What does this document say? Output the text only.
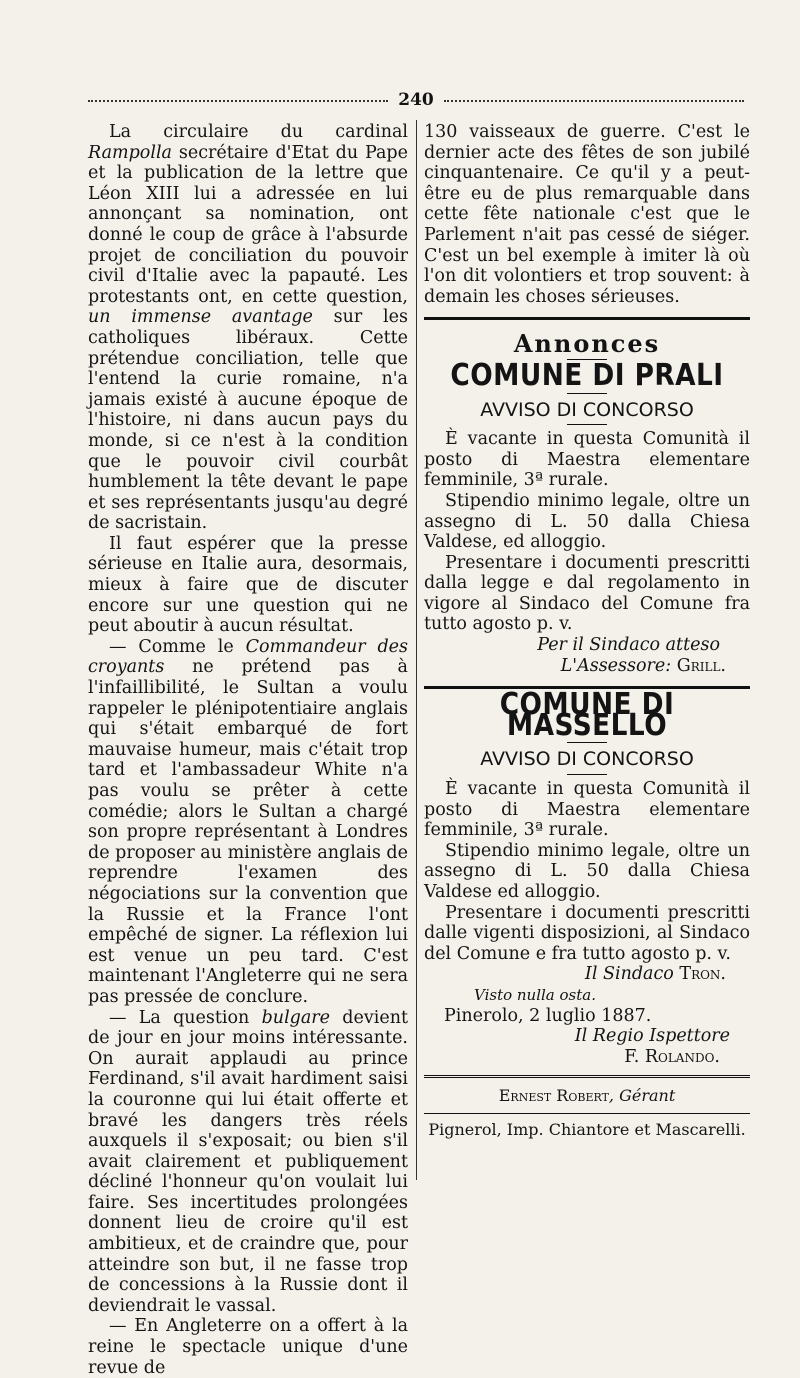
240

La circulaire du cardinal Rampolla secrétaire d'Etat du Pape et la publication de la lettre que Léon XIII lui a adressée en lui annonçant sa nomination, ont donné le coup de grâce à l'absurde projet de conciliation du pouvoir civil d'Italie avec la papauté. Les protestants ont, en cette question, un immense avantage sur les catholiques libéraux. Cette prétendue conciliation, telle que l'entend la curie romaine, n'a jamais existé à aucune époque de l'histoire, ni dans aucun pays du monde, si ce n'est à la condition que le pouvoir civil courbât humblement la tête devant le pape et ses représentants jusqu'au degré de sacristain.

Il faut espérer que la presse sérieuse en Italie aura, desormais, mieux à faire que de discuter encore sur une question qui ne peut aboutir à aucun résultat.

— Comme le Commandeur des croyants ne prétend pas à l'infaillibilité, le Sultan a voulu rappeler le plénipotentiaire anglais qui s'était embarqué de fort mauvaise humeur, mais c'était trop tard et l'ambassadeur White n'a pas voulu se prêter à cette comédie; alors le Sultan a chargé son propre représentant à Londres de proposer au ministère anglais de reprendre l'examen des négociations sur la convention que la Russie et la France l'ont empêché de signer. La réflexion lui est venue un peu tard. C'est maintenant l'Angleterre qui ne sera pas pressée de conclure.

— La question bulgare devient de jour en jour moins intéressante. On aurait applaudi au prince Ferdinand, s'il avait hardiment saisi la couronne qui lui était offerte et bravé les dangers très réels auxquels il s'exposait; ou bien s'il avait clairement et publiquement décliné l'honneur qu'on voulait lui faire. Ses incertitudes prolongées donnent lieu de croire qu'il est ambitieux, et de craindre que, pour atteindre son but, il ne fasse trop de concessions à la Russie dont il deviendrait le vassal.

— En Angleterre on a offert à la reine le spectacle unique d'une revue de

130 vaisseaux de guerre. C'est le dernier acte des fêtes de son jubilé cinquantenaire. Ce qu'il y a peut-être eu de plus remarquable dans cette fête nationale c'est que le Parlement n'ait pas cessé de siéger. C'est un bel exemple à imiter là où l'on dit volontiers et trop souvent: à demain les choses sérieuses.

Annonces
COMUNE DI PRALI
AVVISO DI CONCORSO

È vacante in questa Comunità il posto di Maestra elementare femminile, 3ª rurale.

Stipendio minimo legale, oltre un assegno di L. 50 dalla Chiesa Valdese, ed alloggio.

Presentare i documenti prescritti dalla legge e dal regolamento in vigore al Sindaco del Comune fra tutto agosto p. v.

Per il Sindaco atteso
L'Assessore: Grill.
COMUNE DI MASSELLO
AVVISO DI CONCORSO

È vacante in questa Comunità il posto di Maestra elementare femminile, 3ª rurale.

Stipendio minimo legale, oltre un assegno di L. 50 dalla Chiesa Valdese ed alloggio.

Presentare i documenti prescritti dalle vigenti disposizioni, al Sindaco del Comune e fra tutto agosto p. v.

Il Sindaco Tron.
Visto nulla osta.
Pinerolo, 2 luglio 1887.
Il Regio Ispettore
F. Rolando.
Ernest Robert, Gérant
Pignerol, Imp. Chiantore et Mascarelli.
